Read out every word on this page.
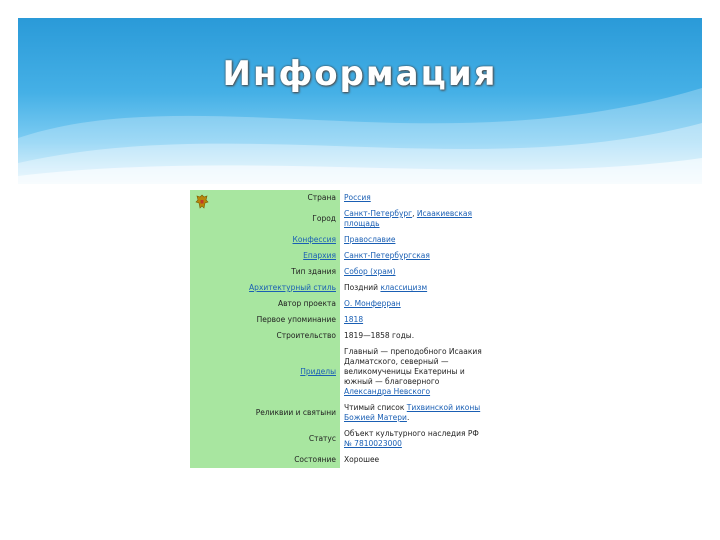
Информация
Страна Россия
Город
Санкт-Петербург, Исаакиевская площадь
Конфессия Православие
Епархия Санкт-Петербургская
Тип здания Собор (храм)
Архитектурный стиль Поздний классицизм
Автор проекта О. Монферран
Первое упоминание 1818
Строительство 1819—1858 годы.
Приделы
Главный — преподобного Исаакия Далматского, северный — великомученицы Екатерины и южный — благоверного Александра Невского
Реликвии и святыни
Чтимый список Тихвинской иконы Божией Матери.
Статус
Объект культурного наследия РФ № 7810023000
Состояние Хорошее
